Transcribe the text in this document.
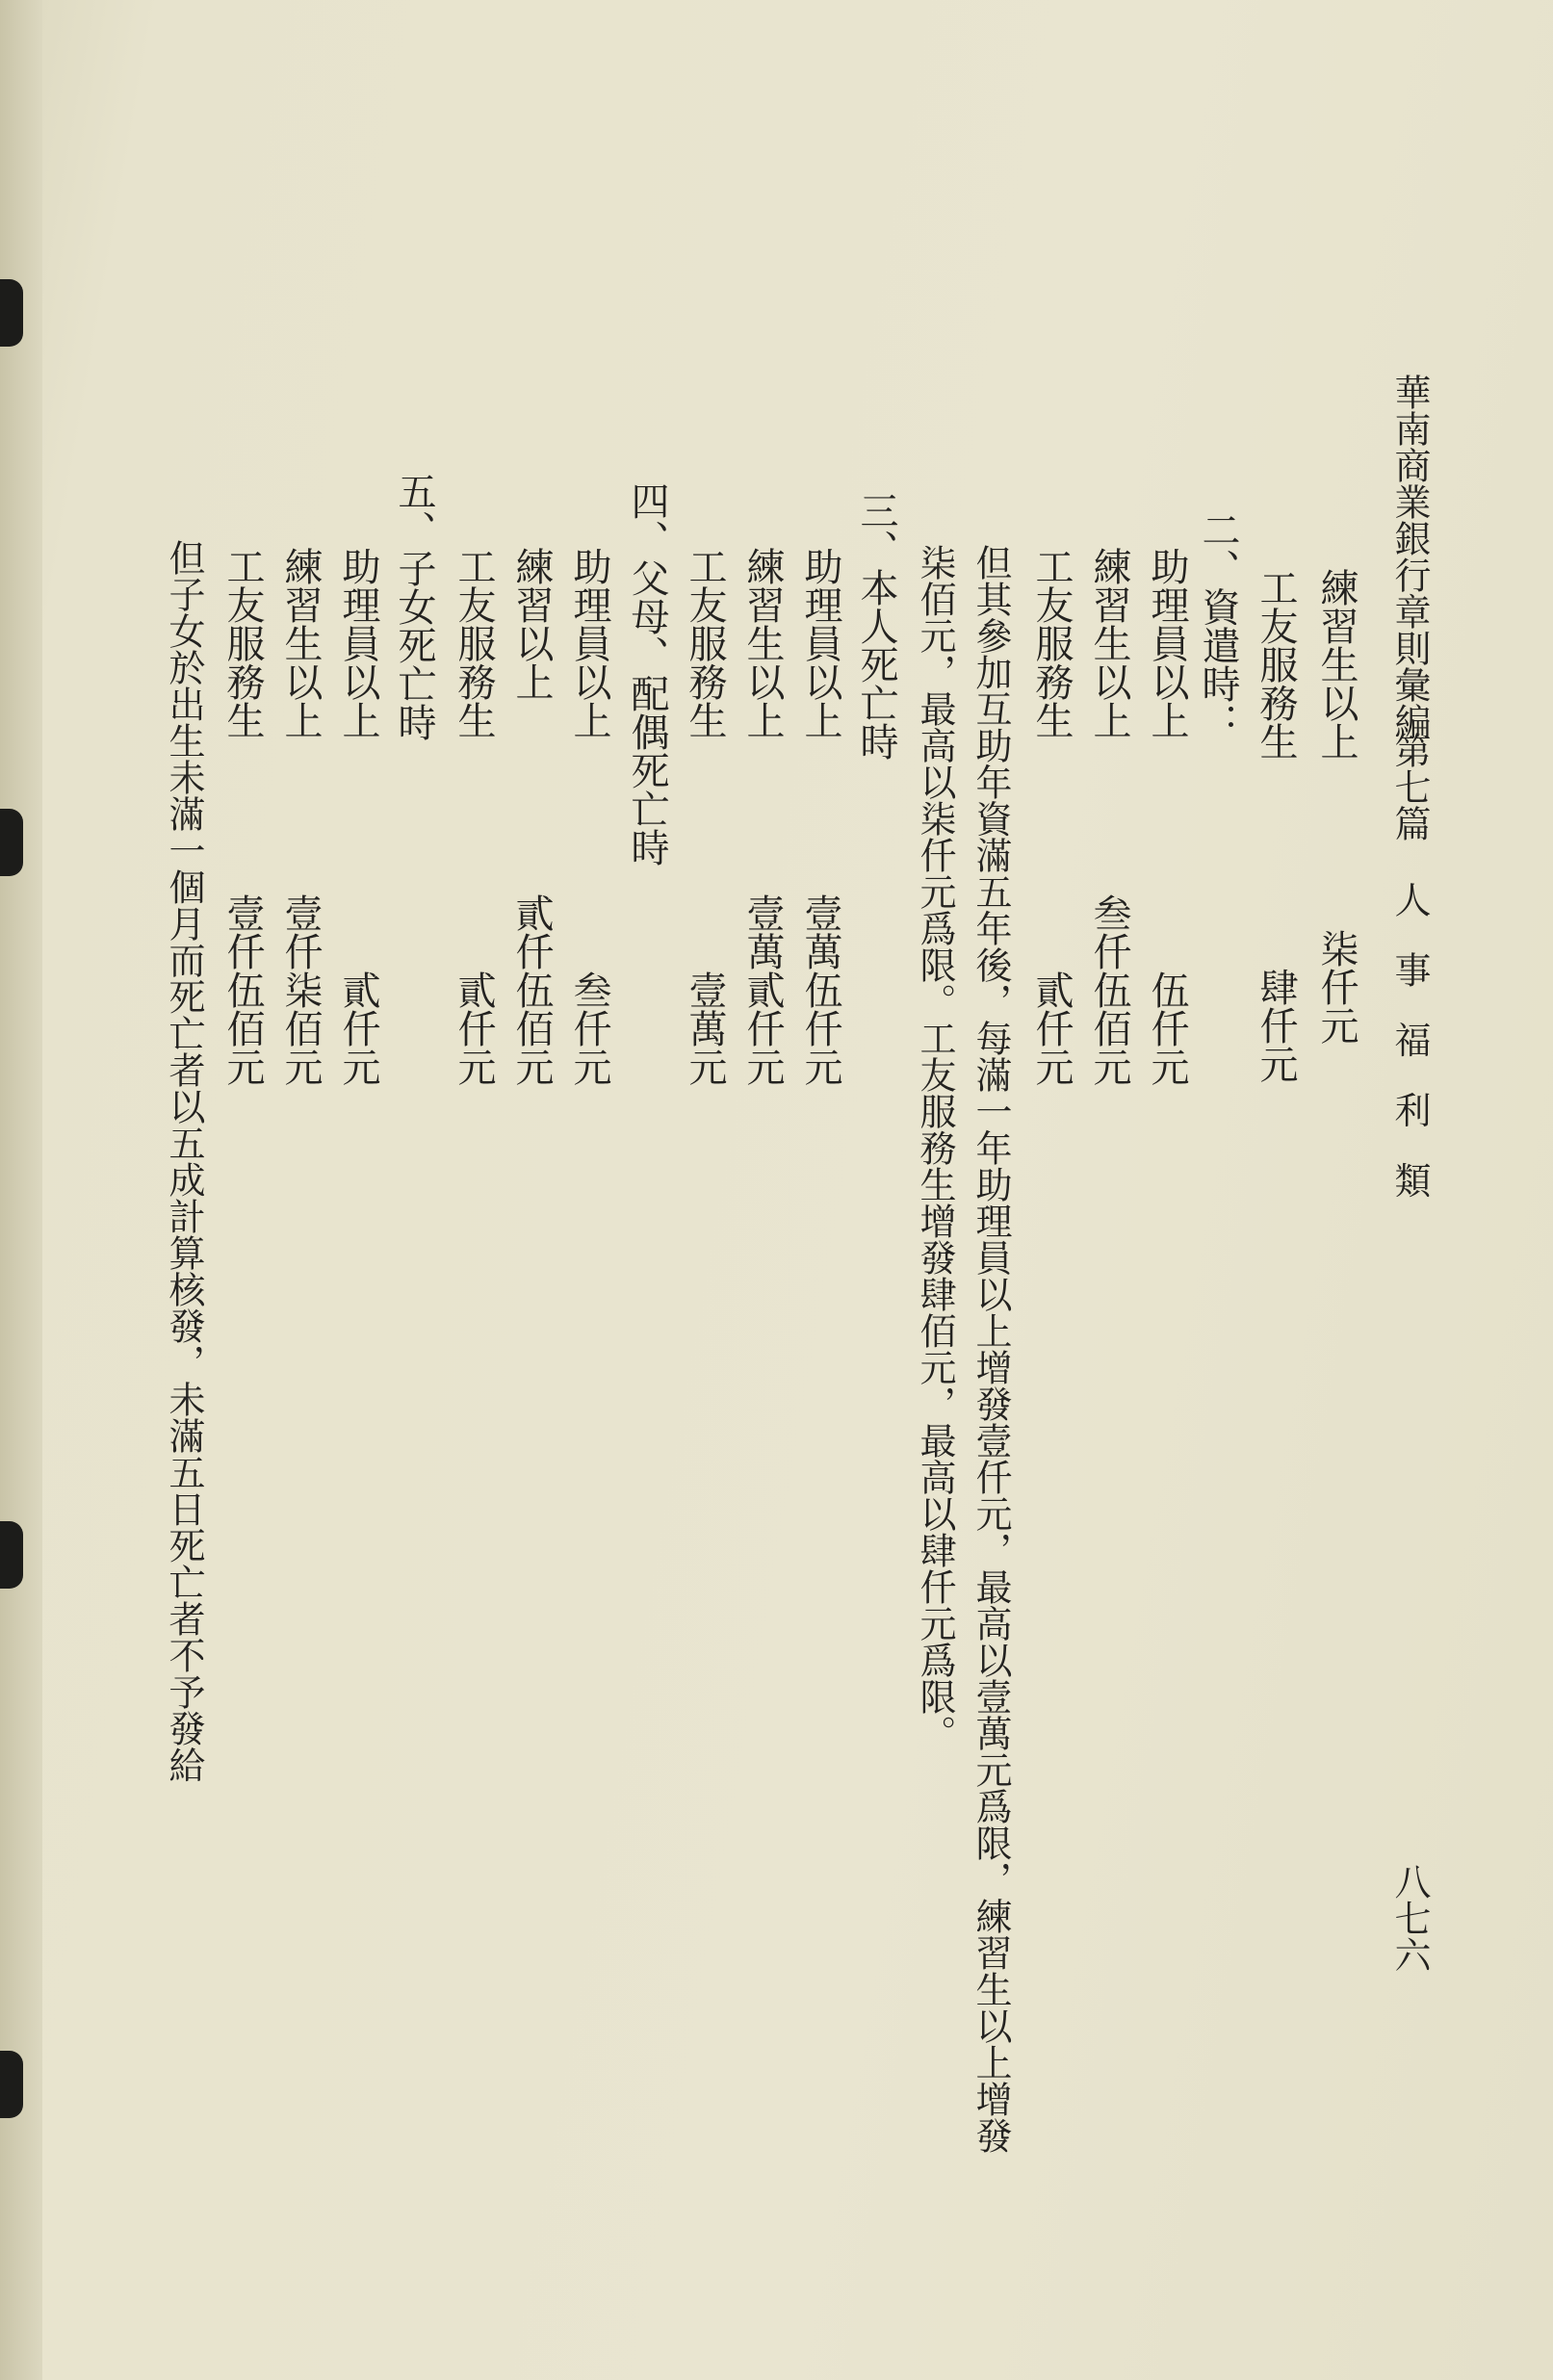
華南商業銀行章則彙編

第七篇

人 事 福 利 類

八七六

練習生以上

柒仟元

工友服務生

肆仟元

二、資遣時：

助理員以上

伍仟元

練習生以上

叁仟伍佰元

工友服務生

貳仟元

但其參加互助年資滿五年後，每滿一年助理員以上增發壹仟元，最高以壹萬元爲限，練習生以上增發

柒佰元，最高以柒仟元爲限。工友服務生增發肆佰元，最高以肆仟元爲限。

三、本人死亡時

助理員以上

壹萬伍仟元

練習生以上

壹萬貳仟元

工友服務生

壹萬元

四、父母、配偶死亡時

助理員以上

叁仟元

練習以上

貳仟伍佰元

工友服務生

貳仟元

五、子女死亡時

助理員以上

貳仟元

練習生以上

壹仟柒佰元

工友服務生

壹仟伍佰元

但子女於出生未滿一個月而死亡者以五成計算核發，未滿五日死亡者不予發給
